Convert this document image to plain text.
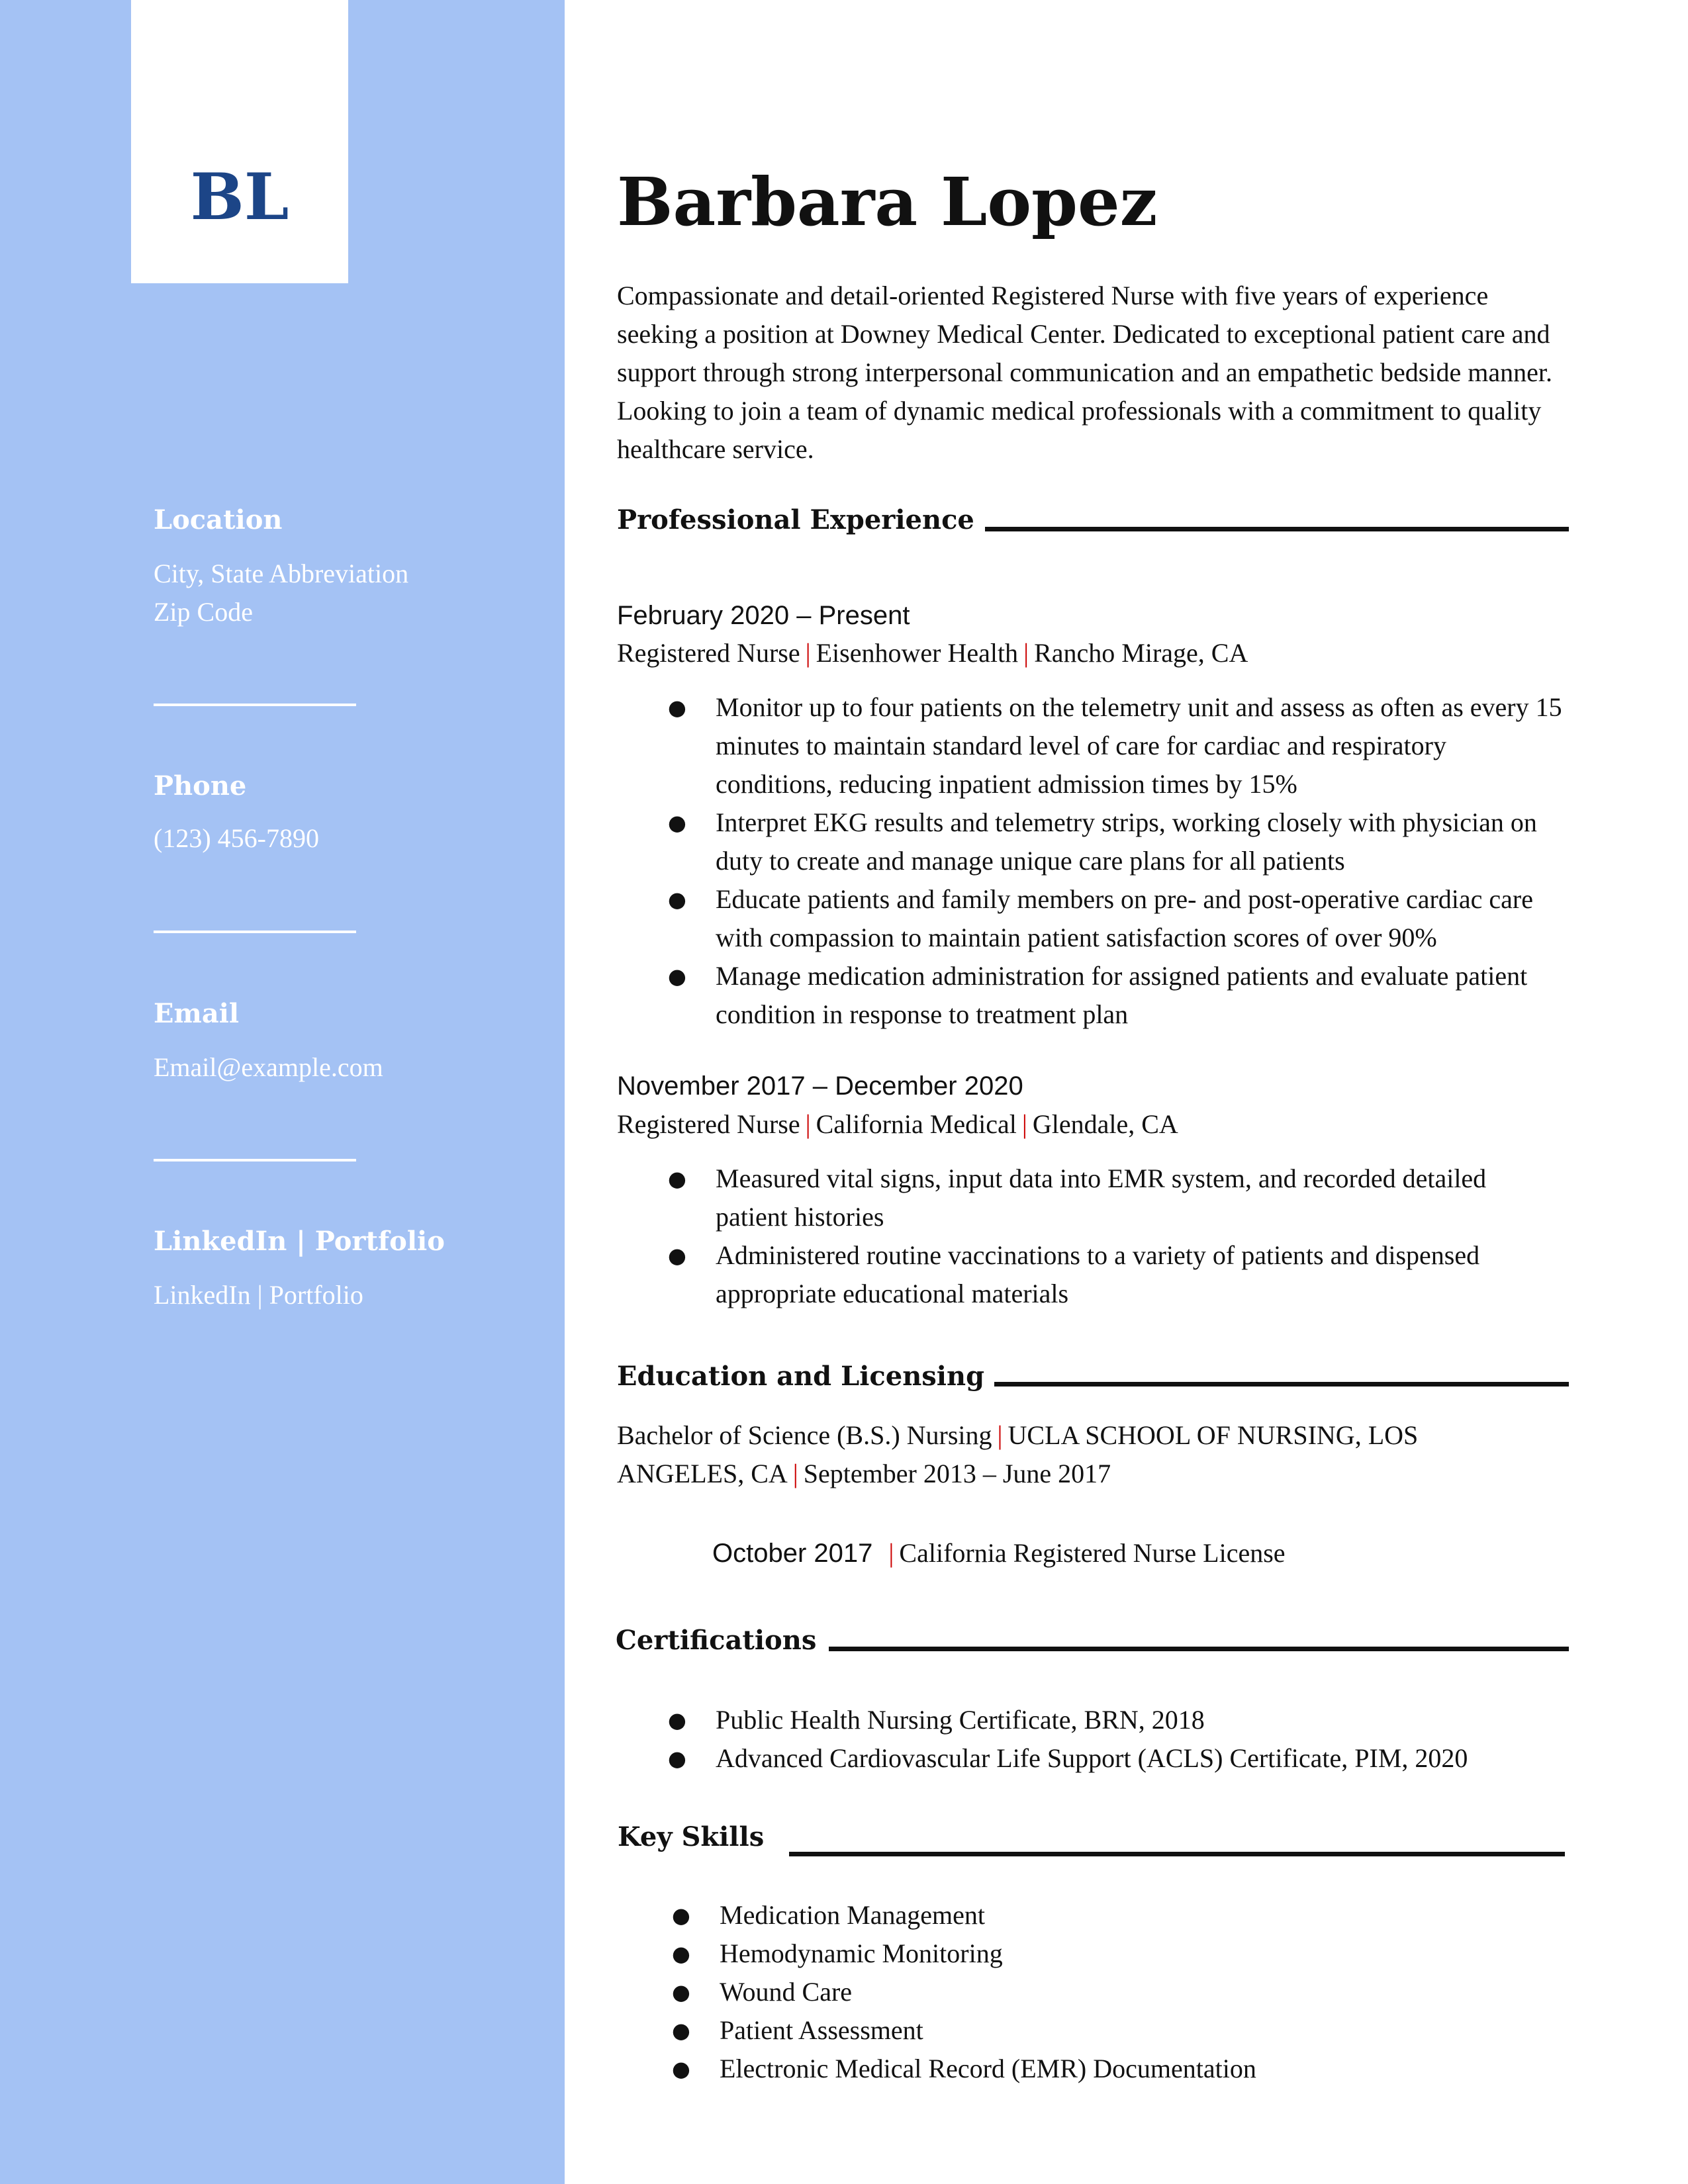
BL
Location
City, State Abbreviation
Zip Code
Phone
(123) 456-7890
Email
Email@example.com
LinkedIn | Portfolio
LinkedIn | Portfolio
Barbara Lopez
Compassionate and detail-oriented Registered Nurse with five years of experience seeking a position at Downey Medical Center. Dedicated to exceptional patient care and support through strong interpersonal communication and an empathetic bedside manner. Looking to join a team of dynamic medical professionals with a commitment to quality healthcare service.
Professional Experience
February 2020 – Present
Registered Nurse | Eisenhower Health | Rancho Mirage, CA
● Monitor up to four patients on the telemetry unit and assess as often as every 15 minutes to maintain standard level of care for cardiac and respiratory conditions, reducing inpatient admission times by 15%
● Interpret EKG results and telemetry strips, working closely with physician on duty to create and manage unique care plans for all patients
● Educate patients and family members on pre- and post-operative cardiac care with compassion to maintain patient satisfaction scores of over 90%
● Manage medication administration for assigned patients and evaluate patient condition in response to treatment plan
November 2017 – December 2020
Registered Nurse | California Medical | Glendale, CA
● Measured vital signs, input data into EMR system, and recorded detailed patient histories
● Administered routine vaccinations to a variety of patients and dispensed appropriate educational materials
Education and Licensing
Bachelor of Science (B.S.) Nursing | UCLA SCHOOL OF NURSING, LOS ANGELES, CA | September 2013 – June 2017
October 2017 | California Registered Nurse License
Certifications
● Public Health Nursing Certificate, BRN, 2018
● Advanced Cardiovascular Life Support (ACLS) Certificate, PIM, 2020
Key Skills
● Medication Management
● Hemodynamic Monitoring
● Wound Care
● Patient Assessment
● Electronic Medical Record (EMR) Documentation
